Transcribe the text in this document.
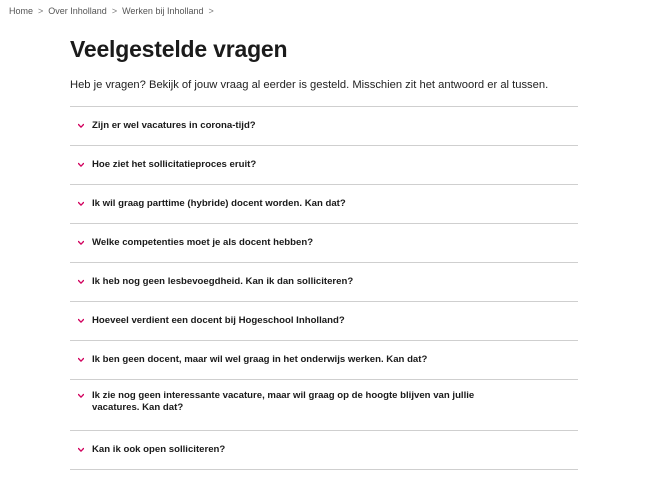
Home > Over Inholland > Werken bij Inholland >
Veelgestelde vragen

Heb je vragen? Bekijk of jouw vraag al eerder is gesteld. Misschien zit het antwoord er al tussen.

Zijn er wel vacatures in corona-tijd?
Hoe ziet het sollicitatieproces eruit?
Ik wil graag parttime (hybride) docent worden. Kan dat?
Welke competenties moet je als docent hebben?
Ik heb nog geen lesbevoegdheid. Kan ik dan solliciteren?
Hoeveel verdient een docent bij Hogeschool Inholland?
Ik ben geen docent, maar wil wel graag in het onderwijs werken. Kan dat?
Ik zie nog geen interessante vacature, maar wil graag op de hoogte blijven van jullie vacatures. Kan dat?
Kan ik ook open solliciteren?
